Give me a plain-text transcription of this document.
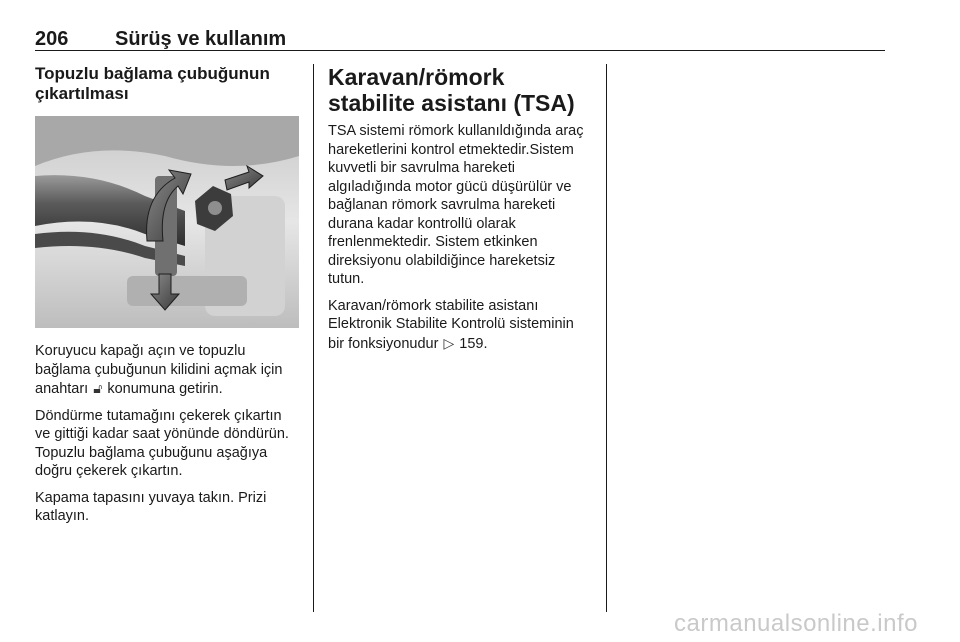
206 Sürüş ve kullanım
Topuzlu bağlama çubuğunun çıkartılması

Koruyucu kapağı açın ve topuzlu bağlama çubuğunun kilidini açmak için anahtarı 🔓︎ konumuna getirin.

Döndürme tutamağını çekerek çıkartın ve gittiği kadar saat yönünde döndürün. Topuzlu bağlama çubuğunu aşağıya doğru çekerek çıkartın.

Kapama tapasını yuvaya takın. Prizi katlayın.

Karavan/römork stabilite asistanı (TSA)

TSA sistemi römork kullanıldığında araç hareketlerini kontrol etmektedir.Sistem kuvvetli bir savrulma hareketi algıladığında motor gücü düşürülür ve bağlanan römork savrulma hareketi durana kadar kontrollü olarak frenlenmektedir. Sistem etkinken direksiyonu olabildiğince hareketsiz tutun.

Karavan/römork stabilite asistanı Elektronik Stabilite Kontrolü sisteminin bir fonksiyonudur ▷ 159.

carmanualsonline.info
